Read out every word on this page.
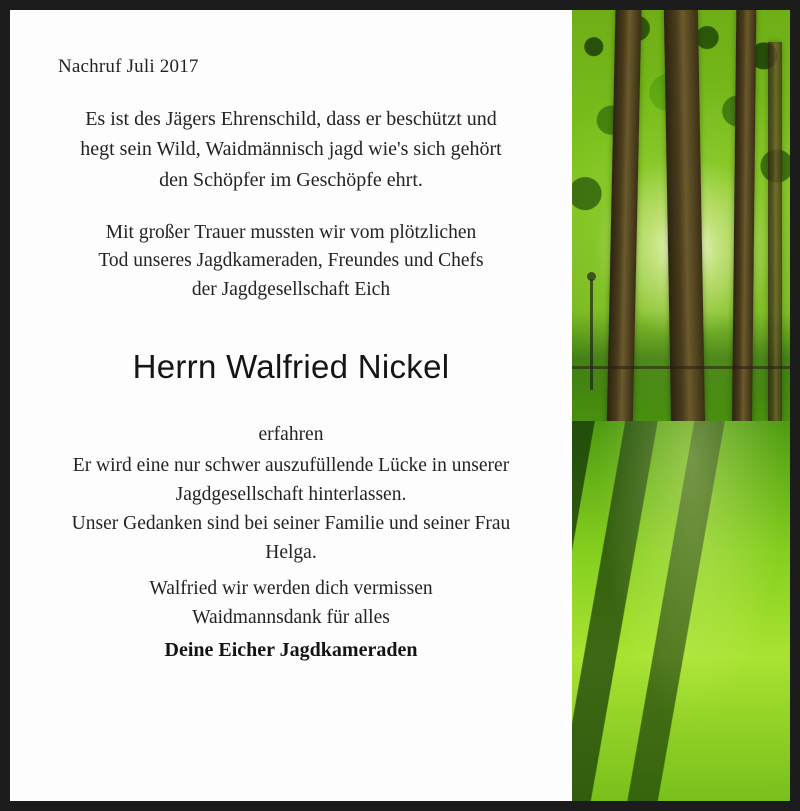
Nachruf Juli 2017
Es ist des Jägers Ehrenschild, dass er beschützt und hegt sein Wild, Waidmännisch jagd wie's sich gehört den Schöpfer im Geschöpfe ehrt.
Mit großer Trauer mussten wir vom plötzlichen
Tod unseres Jagdkameraden, Freundes und Chefs
der Jagdgesellschaft Eich
Herrn Walfried Nickel
erfahren
Er wird eine nur schwer auszufüllende Lücke in unserer
Jagdgesellschaft hinterlassen.
Unser Gedanken sind bei seiner Familie und seiner Frau
Helga.
Walfried wir werden dich vermissen
Waidmannsdank für alles
Deine Eicher Jagdkameraden
